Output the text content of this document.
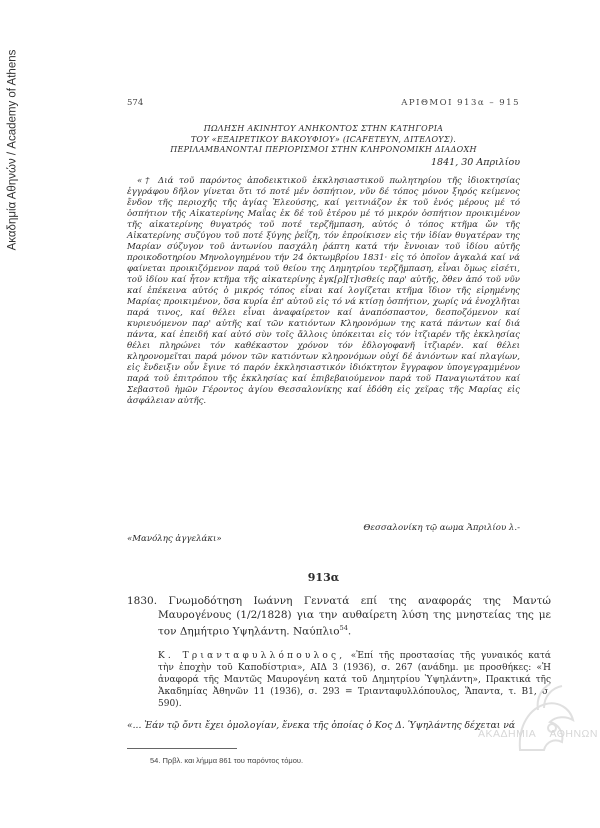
Ακαδημία Αθηνών / Academy of Athens	574	ΑΡΙΘΜΟΙ 913α – 915
ΠΩΛΗΣΗ ΑΚΙΝΗΤΟΥ ΑΝΗΚΟΝΤΟΣ ΣΤΗΝ ΚΑΤΗΓΟΡΙΑ
ΤΟΥ «ΕΞΑΙΡΕΤΙΚΟΥ ΒΑΚΟΥΦΙΟΥ» (ICAFETEYN, ΔΙΤΕΛΟΥΣ).
ΠΕΡΙΛΑΜΒΑΝΟΝΤΑΙ ΠΕΡΙΟΡΙΣΜΟΙ ΣΤΗΝ ΚΛΗΡΟΝΟΜΙΚΗ ΔΙΑΔΟΧΗ
1841, 30 Απριλίου
«† Διά τοῦ παρόντος ἀποδεικτικοῦ ἐκκλησιαστικοῦ πωλητηρίου τῆς ἰδιοκτησίας ἐγγράφου δῆλον γίνεται ὅτι τό ποτέ μέν ὀσπήτιον, νῦν δέ τόπος μόνον ξηρός κείμενος ἔνδον τῆς περιοχῆς τῆς ἁγίας Ἐλεούσης, καί γειτνιάζον ἐκ τοῦ ἑνός μέρους μέ τό ὀσπήτιον τῆς Αἰκατερίνης Μαΐας ἐκ δέ τοῦ ἑτέρου μέ τό μικρόν ὀσπήτιον προικιμένον τῆς αἰκατερίνης θυγατρός τοῦ ποτέ τερζῆμπαση, αὐτός ὁ τόπος κτῆμα ὤν τῆς Αἰκατερίνης συζύγου τοῦ ποτέ ξύγης ῥεΐζη, τόν ἐπροίκισεν εἰς τήν ἰδίαν θυγατέραν της Μαρίαν σύζυγον τοῦ ἀντωνίου πασχάλη ῥάπτη κατά τήν ἔννοιαν τοῦ ἰδίου αὐτῆς προικοδοτηρίου Μηνολογημένου τήν 24 ὀκτωμβρίου 1831· εἰς τό ὁποῖον ἀγκαλά καί νά φαίνεται προικιζόμενον παρά τοῦ θείου της Δημητρίου τερζῆμπαση, εἶναι ὅμως εἰσέτι, τοῦ ἰδίου καί ἦτον κτῆμα τῆς αἰκατερίνης ἐγκ[ρ][τ]ισθείς παρ' αὐτῆς, ὅθεν ἀπό τοῦ νῦν καί ἐπέκεινα αὐτός ὁ μικρός τόπος εἶναι καί λογίζεται κτῆμα ἴδιον τῆς εἰρημένης Μαρίας προικιμένον, ὅσα κυρία ἐπ' αὐτοῦ εἰς τό νά κτίσῃ ὀσπήτιον, χωρίς νά ἐνοχλῆται παρά τινος, καί θέλει εἶναι ἀναφαίρετον καί ἀναπόσπαστον, δεσποζόμενον καί κυριευόμενον παρ' αὐτῆς καί τῶν κατιόντων Κληρονόμων της κατά πάντων καί διά πάντα, καί ἐπειδή καί αὐτό σὺν τοῖς ἄλλοις ὑπόκειται εἰς τόν ἰτζιαρέν τῆς ἐκκλησίας θέλει πληρώνει τόν καθέκαστον χρόνον τόν ἐδλογοφανῆ ἰτζιαρέν. καί θέλει κληρονομεῖται παρά μόνον τῶν κατιόντων κληρονόμων οὐχί δέ ἀνιόντων καί πλαγίων, εἰς ἔνδειξιν οὖν ἔγινε τό παρόν ἐκκλησιαστικόν ἰδιόκτητον ἔγγραφον ὑπογεγραμμένον παρά τοῦ ἐπιτρόπου τῆς ἐκκλησίας καί ἐπιβεβαιούμενον παρά τοῦ Παναγιωτάτου καί Σεβαστοῦ ἡμῶν Γέροντος ἁγίου Θεσσαλονίκης καί ἐδόθη εἰς χεῖρας τῆς Μαρίας εἰς ἀσφάλειαν αὐτῆς.
Θεσσαλονίκη τῷ αωμα Ἀπριλίου λ.-
«Μανόλης ἀγγελάκι»
913α
1830. Γνωμοδότηση Ιωάννη Γεννατά επί της αναφοράς της Μαντώ Μαυρογένους (1/2/1828) για την αυθαίρετη λύση της μνηστείας της με τον Δημήτριο Υψηλάντη. Ναύπλιο$^{54}$.
Κ. Τριανταφυλλόπουλος, «Ἐπί τῆς προστασίας τῆς γυναικός κατά τὴν ἐποχὴν τοῦ Καποδίστρια», ΑΙΔ 3 (1936), σ. 267 (ανάδημ. με προσθήκες: «Ἡ ἀναφορά τῆς Μαντῶς Μαυρογένη κατά τοῦ Δημητρίου Ὑψηλάντη», Πρακτικά τῆς Ἀκαδημίας Ἀθηνῶν 11 (1936), σ. 293 = Τριανταφυλλόπουλος, Ἅπαντα, τ. Β1, σ. 590).
«... Ἐάν τῷ ὄντι ἔχει ὁμολογίαν, ἕνεκα τῆς ὁποίας ὁ Κος Δ. Ὑψηλάντης δέχεται νά
54. Πρβλ. και λήμμα 861 του παρόντος τόμου.
ΑΚΑΔΗΜΙΑ ΑΘΗΝΩΝ
